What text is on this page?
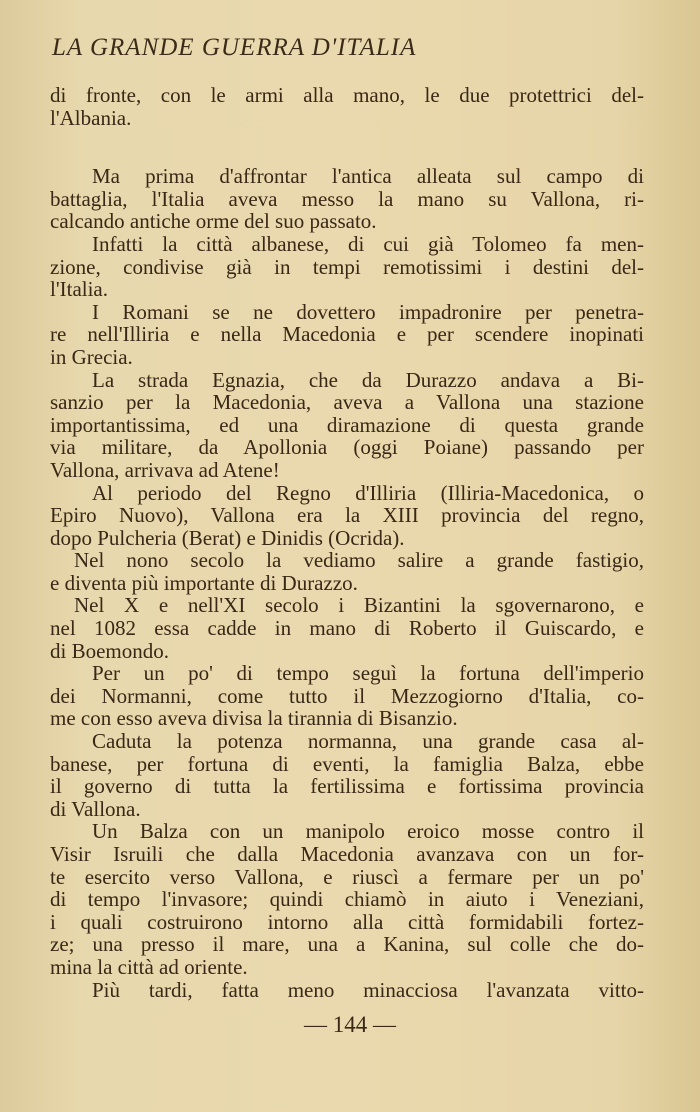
LA GRANDE GUERRA D'ITALIA
di fronte, con le armi alla mano, le due protettrici del-
l'Albania.
Ma prima d'affrontar l'antica alleata sul campo di
battaglia, l'Italia aveva messo la mano su Vallona, ri-
calcando antiche orme del suo passato.
Infatti la città albanese, di cui già Tolomeo fa men-
zione, condivise già in tempi remotissimi i destini del-
l'Italia.
I Romani se ne dovettero impadronire per penetra-
re nell'Illiria e nella Macedonia e per scendere inopinati
in Grecia.
La strada Egnazia, che da Durazzo andava a Bi-
sanzio per la Macedonia, aveva a Vallona una stazione
importantissima, ed una diramazione di questa grande
via militare, da Apollonia (oggi Poiane) passando per
Vallona, arrivava ad Atene!
Al periodo del Regno d'Illiria (Illiria-Macedonica, o
Epiro Nuovo), Vallona era la XIII provincia del regno,
dopo Pulcheria (Berat) e Dinidis (Ocrida).
Nel nono secolo la vediamo salire a grande fastigio,
e diventa più importante di Durazzo.
Nel X e nell'XI secolo i Bizantini la sgovernarono, e
nel 1082 essa cadde in mano di Roberto il Guiscardo, e
di Boemondo.
Per un po' di tempo seguì la fortuna dell'imperio
dei Normanni, come tutto il Mezzogiorno d'Italia, co-
me con esso aveva divisa la tirannia di Bisanzio.
Caduta la potenza normanna, una grande casa al-
banese, per fortuna di eventi, la famiglia Balza, ebbe
il governo di tutta la fertilissima e fortissima provincia
di Vallona.
Un Balza con un manipolo eroico mosse contro il
Visir Isruili che dalla Macedonia avanzava con un for-
te esercito verso Vallona, e riuscì a fermare per un po'
di tempo l'invasore; quindi chiamò in aiuto i Veneziani,
i quali costruirono intorno alla città formidabili fortez-
ze; una presso il mare, una a Kanina, sul colle che do-
mina la città ad oriente.
Più tardi, fatta meno minacciosa l'avanzata vitto-
— 144 —
